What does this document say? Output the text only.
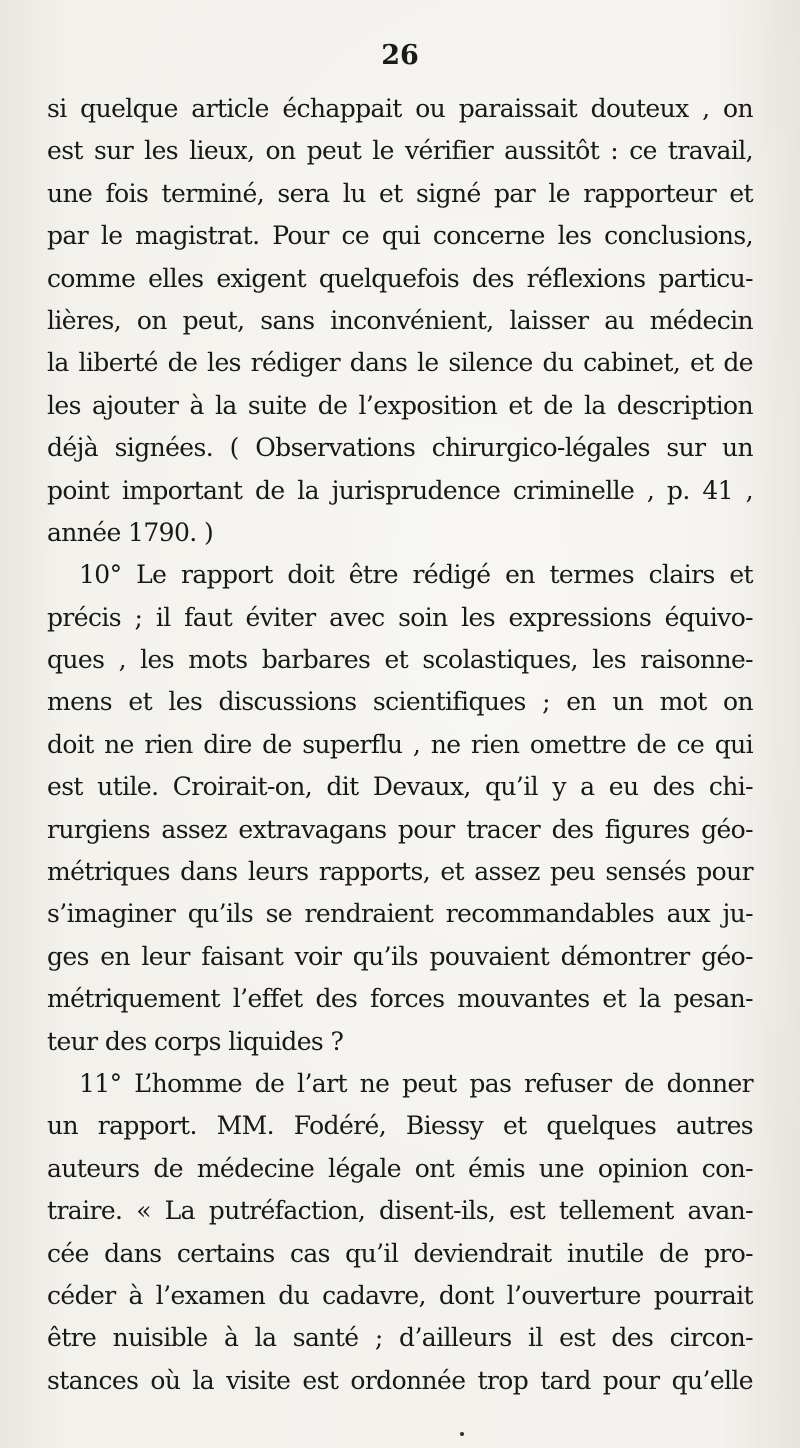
26
si quelque article échappait ou paraissait douteux , on
est sur les lieux, on peut le vérifier aussitôt : ce travail,
une fois terminé, sera lu et signé par le rapporteur et
par le magistrat. Pour ce qui concerne les conclusions,
comme elles exigent quelquefois des réflexions particu-
lières, on peut, sans inconvénient, laisser au médecin
la liberté de les rédiger dans le silence du cabinet, et de
les ajouter à la suite de l’exposition et de la description
déjà signées. ( Observations chirurgico-légales sur un
point important de la jurisprudence criminelle , p. 41 ,
année 1790. )
10° Le rapport doit être rédigé en termes clairs et
précis ; il faut éviter avec soin les expressions équivo-
ques , les mots barbares et scolastiques, les raisonne-
mens et les discussions scientifiques ; en un mot on
doit ne rien dire de superflu , ne rien omettre de ce qui
est utile. Croirait-on, dit Devaux, qu’il y a eu des chi-
rurgiens assez extravagans pour tracer des figures géo-
métriques dans leurs rapports, et assez peu sensés pour
s’imaginer qu’ils se rendraient recommandables aux ju-
ges en leur faisant voir qu’ils pouvaient démontrer géo-
métriquement l’effet des forces mouvantes et la pesan-
teur des corps liquides ?
11° L’homme de l’art ne peut pas refuser de donner
un rapport. MM. Fodéré, Biessy et quelques autres
auteurs de médecine légale ont émis une opinion con-
traire. « La putréfaction, disent-ils, est tellement avan-
cée dans certains cas qu’il deviendrait inutile de pro-
céder à l’examen du cadavre, dont l’ouverture pourrait
être nuisible à la santé ; d’ailleurs il est des circon-
stances où la visite est ordonnée trop tard pour qu’elle
